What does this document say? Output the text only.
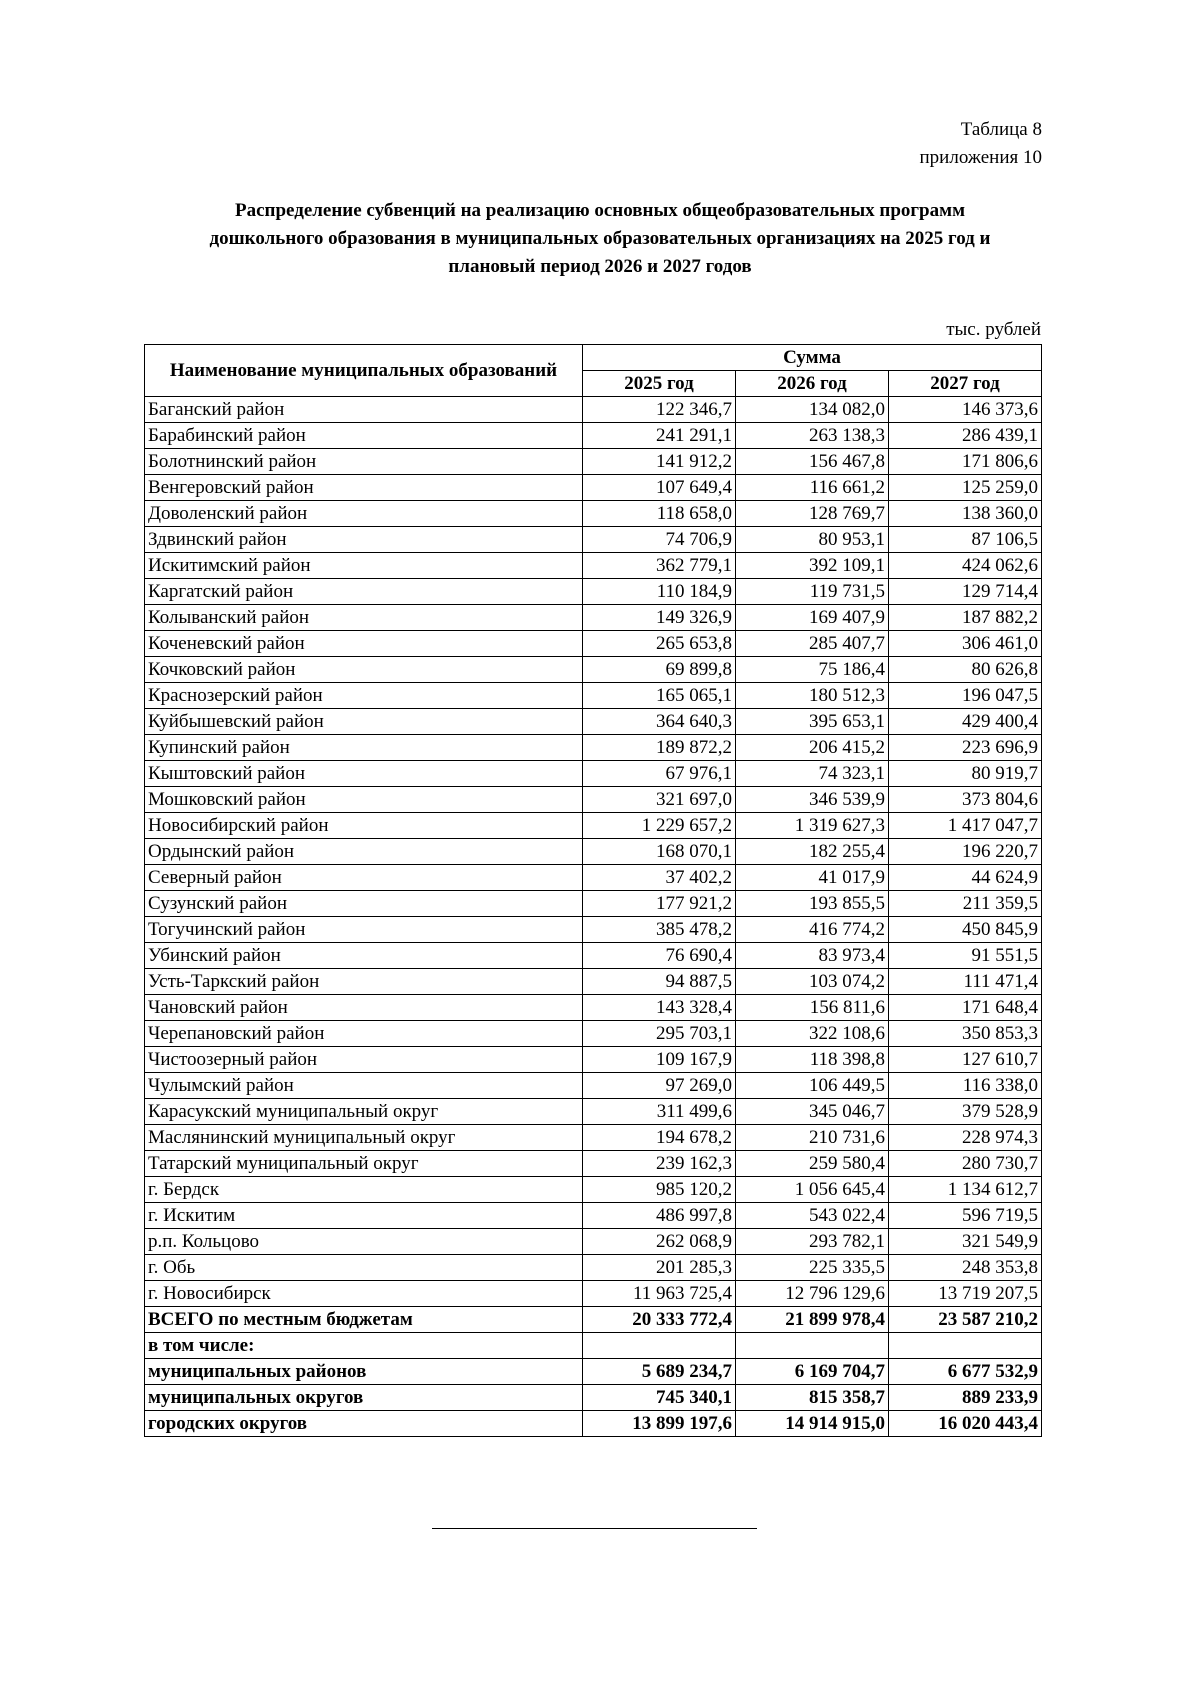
Таблица 8
приложения 10
Распределение субвенций на реализацию основных общеобразовательных программ
дошкольного образования в муниципальных образовательных организациях на 2025 год и
плановый период 2026 и 2027 годов
тыс. рублей
Наименование муниципальных образований	Сумма		
	2025 год	2026 год	2027 год
Баганский район	122 346,7	134 082,0	146 373,6
Барабинский район	241 291,1	263 138,3	286 439,1
Болотнинский район	141 912,2	156 467,8	171 806,6
Венгеровский район	107 649,4	116 661,2	125 259,0
Доволенский район	118 658,0	128 769,7	138 360,0
Здвинский район	74 706,9	80 953,1	87 106,5
Искитимский район	362 779,1	392 109,1	424 062,6
Каргатский район	110 184,9	119 731,5	129 714,4
Колыванский район	149 326,9	169 407,9	187 882,2
Коченевский район	265 653,8	285 407,7	306 461,0
Кочковский район	69 899,8	75 186,4	80 626,8
Краснозерский район	165 065,1	180 512,3	196 047,5
Куйбышевский район	364 640,3	395 653,1	429 400,4
Купинский район	189 872,2	206 415,2	223 696,9
Кыштовский район	67 976,1	74 323,1	80 919,7
Мошковский район	321 697,0	346 539,9	373 804,6
Новосибирский район	1 229 657,2	1 319 627,3	1 417 047,7
Ордынский район	168 070,1	182 255,4	196 220,7
Северный район	37 402,2	41 017,9	44 624,9
Сузунский район	177 921,2	193 855,5	211 359,5
Тогучинский район	385 478,2	416 774,2	450 845,9
Убинский район	76 690,4	83 973,4	91 551,5
Усть-Таркский район	94 887,5	103 074,2	111 471,4
Чановский район	143 328,4	156 811,6	171 648,4
Черепановский район	295 703,1	322 108,6	350 853,3
Чистоозерный район	109 167,9	118 398,8	127 610,7
Чулымский район	97 269,0	106 449,5	116 338,0
Карасукский муниципальный округ	311 499,6	345 046,7	379 528,9
Маслянинский муниципальный округ	194 678,2	210 731,6	228 974,3
Татарский муниципальный округ	239 162,3	259 580,4	280 730,7
г. Бердск	985 120,2	1 056 645,4	1 134 612,7
г. Искитим	486 997,8	543 022,4	596 719,5
р.п. Кольцово	262 068,9	293 782,1	321 549,9
г. Обь	201 285,3	225 335,5	248 353,8
г. Новосибирск	11 963 725,4	12 796 129,6	13 719 207,5
ВСЕГО по местным бюджетам	20 333 772,4	21 899 978,4	23 587 210,2
в том числе:			
муниципальных районов	5 689 234,7	6 169 704,7	6 677 532,9
муниципальных округов	745 340,1	815 358,7	889 233,9
городских округов	13 899 197,6	14 914 915,0	16 020 443,4
